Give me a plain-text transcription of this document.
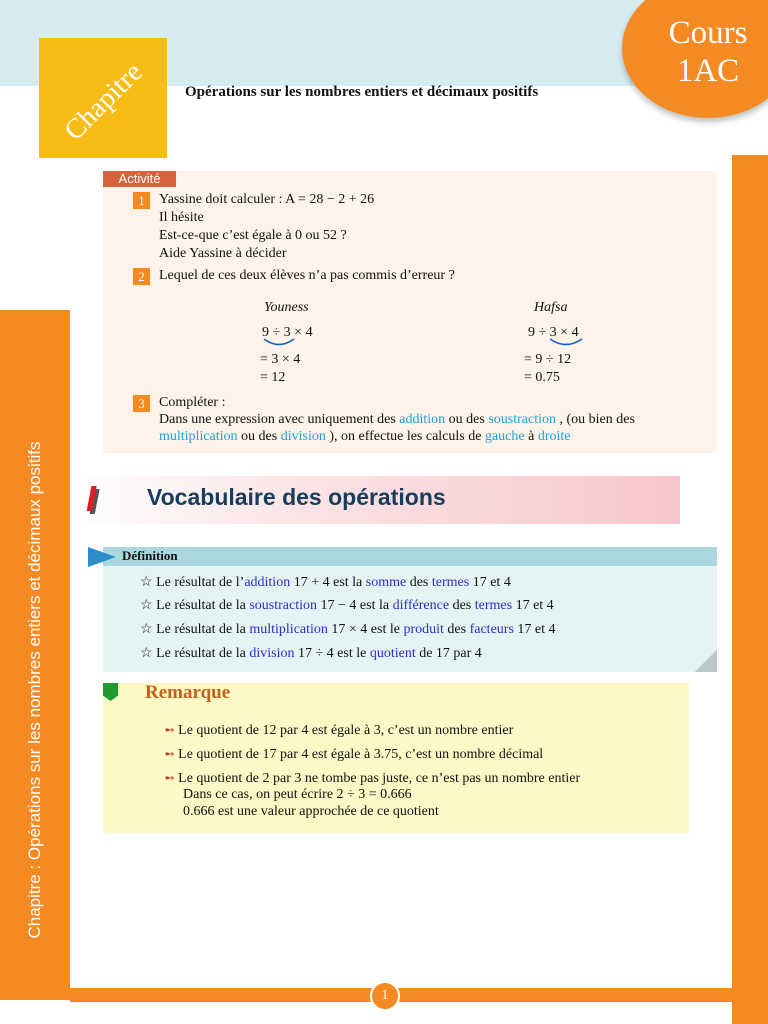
Chapitre	Opérations sur les nombres entiers et décimaux positifs
Cours
1AC
Chapitre : Opérations sur les nombres entiers et décimaux positifs
1
Activité
1	Yassine doit calculer : A = 28 − 2 + 26
Il hésite
Est-ce-que c’est égale à 0 ou 52 ?
Aide Yassine à décider
2	Lequel de ces deux élèves n’a pas commis d’erreur ?
Youness
9 ÷ 3 × 4
= 3 × 4
= 12
Hafsa
9 ÷ 3 × 4
= 9 ÷ 12
= 0.75
3	Compléter :
Dans une expression avec uniquement des addition ou des soustraction , (ou bien des
multiplication ou des division ), on effectue les calculs de gauche à droite
I	Vocabulaire des opérations
Définition
☆ Le résultat de l’addition 17 + 4 est la somme des termes 17 et 4
☆ Le résultat de la soustraction 17 − 4 est la différence des termes 17 et 4
☆ Le résultat de la multiplication 17 × 4 est le produit des facteurs 17 et 4
☆ Le résultat de la division 17 ÷ 4 est le quotient de 17 par 4
Remarque
➻ Le quotient de 12 par 4 est égale à 3, c’est un nombre entier
➻ Le quotient de 17 par 4 est égale à 3.75, c’est un nombre décimal
➻ Le quotient de 2 par 3 ne tombe pas juste, ce n’est pas un nombre entier
Dans ce cas, on peut écrire 2 ÷ 3 = 0.666
0.666 est une valeur approchée de ce quotient
